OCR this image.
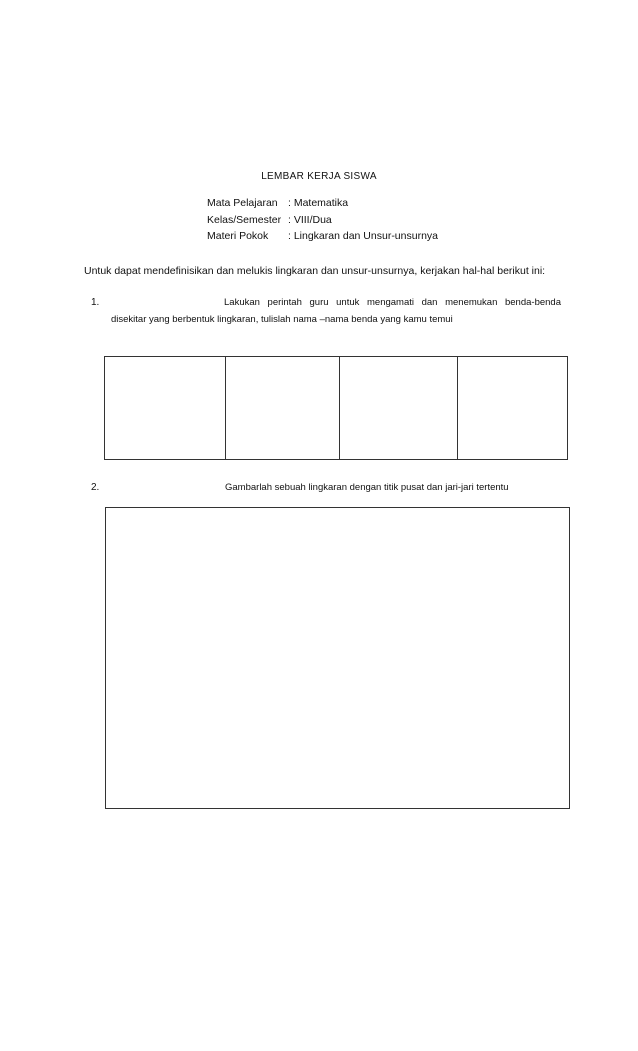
LEMBAR KERJA SISWA
Mata Pelajaran : Matematika
Kelas/Semester : VIII/Dua
Materi Pokok : Lingkaran dan Unsur-unsurnya
Untuk dapat mendefinisikan dan melukis lingkaran dan unsur-unsurnya, kerjakan hal-hal berikut ini:
1.	Lakukan perintah guru untuk mengamati dan menemukan benda-benda
disekitar yang berbentuk lingkaran, tulislah nama –nama benda yang kamu temui
2.	Gambarlah sebuah lingkaran dengan titik pusat dan jari-jari tertentu
